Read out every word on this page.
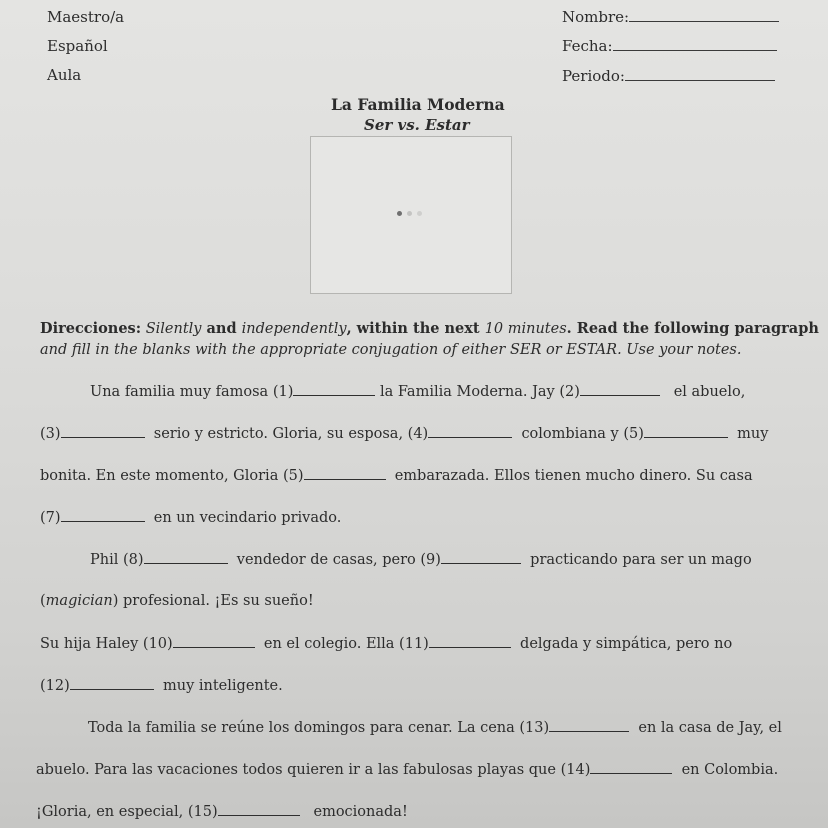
Maestro/a
Español
Aula
Nombre:
Fecha:
Periodo:
La Familia Moderna
Ser vs. Estar
Direcciones: Silently and independently, within the next 10 minutes. Read the following paragraph
and fill in the blanks with the appropriate conjugation of either SER or ESTAR. Use your notes.
Una familia muy famosa (1)	la Familia Moderna. Jay (2)	el abuelo,
(3)	serio y estricto. Gloria, su esposa, (4)	colombiana y (5)	muy
bonita. En este momento, Gloria (5)	embarazada. Ellos tienen mucho dinero. Su casa
(7)	en un vecindario privado.
Phil (8)	vendedor de casas, pero (9)	practicando para ser un mago
(magician) profesional. ¡Es su sueño!
Su hija Haley (10)	en el colegio. Ella (11)	delgada y simpática, pero no
(12)	muy inteligente.
Toda la familia se reúne los domingos para cenar. La cena (13)	en la casa de Jay, el
abuelo. Para las vacaciones todos quieren ir a las fabulosas playas que (14)	en Colombia.
¡Gloria, en especial, (15)	emocionada!
